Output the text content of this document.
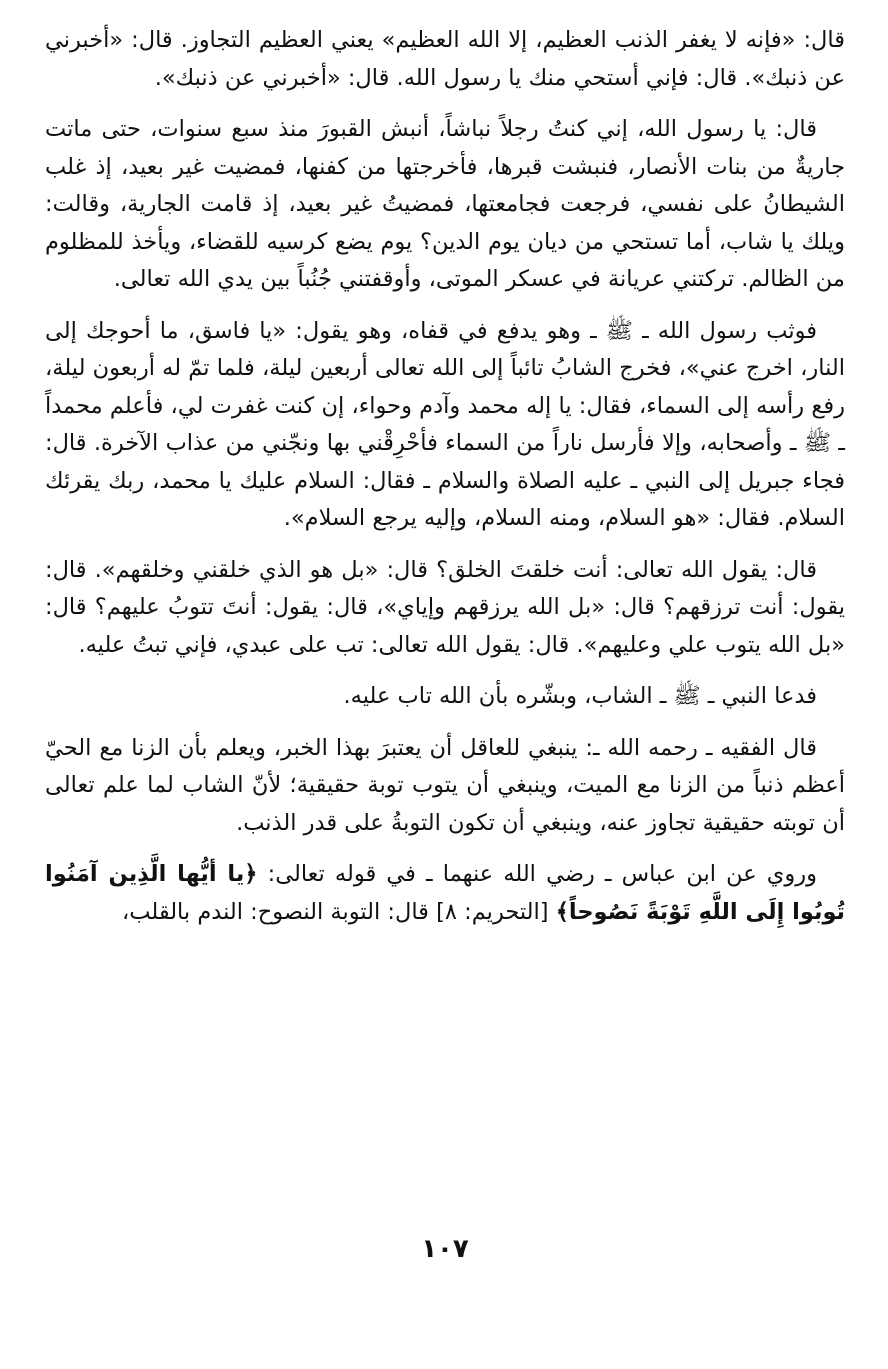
قال: «فإنه لا يغفر الذنب العظيم، إلا الله العظيم» يعني العظيم التجاوز. قال: «أخبرني عن ذنبك». قال: فإني أستحي منك يا رسول الله. قال: «أخبرني عن ذنبك».

قال: يا رسول الله، إني كنتُ رجلاً نباشاً، أنبش القبورَ منذ سبع سنوات، حتى ماتت جاريةٌ من بنات الأنصار، فنبشت قبرها، فأخرجتها من كفنها، فمضيت غير بعيد، إذ غلب الشيطانُ على نفسي، فرجعت فجامعتها، فمضيتُ غير بعيد، إذ قامت الجارية، وقالت: ويلك يا شاب، أما تستحي من ديان يوم الدين؟ يوم يضع كرسيه للقضاء، ويأخذ للمظلوم من الظالم. تركتني عريانة في عسكر الموتى، وأوقفتني جُنُباً بين يدي الله تعالى.

فوثب رسول الله ـ ﷺ ـ وهو يدفع في قفاه، وهو يقول: «يا فاسق، ما أحوجك إلى النار، اخرج عني»، فخرج الشابُ تائباً إلى الله تعالى أربعين ليلة، فلما تمّ له أربعون ليلة، رفع رأسه إلى السماء، فقال: يا إله محمد وآدم وحواء، إن كنت غفرت لي، فأعلم محمداً ـ ﷺ ـ وأصحابه، وإلا فأرسل ناراً من السماء فأحْرِقْني بها ونجّني من عذاب الآخرة. قال: فجاء جبريل إلى النبي ـ عليه الصلاة والسلام ـ فقال: السلام عليك يا محمد، ربك يقرئك السلام. فقال: «هو السلام، ومنه السلام، وإليه يرجع السلام».

قال: يقول الله تعالى: أنت خلقتَ الخلق؟ قال: «بل هو الذي خلقني وخلقهم». قال: يقول: أنت ترزقهم؟ قال: «بل الله يرزقهم وإياي»، قال: يقول: أنتَ تتوبُ عليهم؟ قال: «بل الله يتوب علي وعليهم». قال: يقول الله تعالى: تب على عبدي، فإني تبتُ عليه.

فدعا النبي ـ ﷺ ـ الشاب، وبشّره بأن الله تاب عليه.

قال الفقيه ـ رحمه الله ـ: ينبغي للعاقل أن يعتبرَ بهذا الخبر، ويعلم بأن الزنا مع الحيّ أعظم ذنباً من الزنا مع الميت، وينبغي أن يتوب توبة حقيقية؛ لأنّ الشاب لما علم تعالى أن توبته حقيقية تجاوز عنه، وينبغي أن تكون التوبةُ على قدر الذنب.

وروي عن ابن عباس ـ رضي الله عنهما ـ في قوله تعالى: ﴿يا أيُّها الَّذِين آمَنُوا تُوبُوا إِلَى اللَّهِ تَوْبَةً نَصُوحاً﴾ [التحريم: ٨] قال: التوبة النصوح: الندم بالقلب،

١٠٧
